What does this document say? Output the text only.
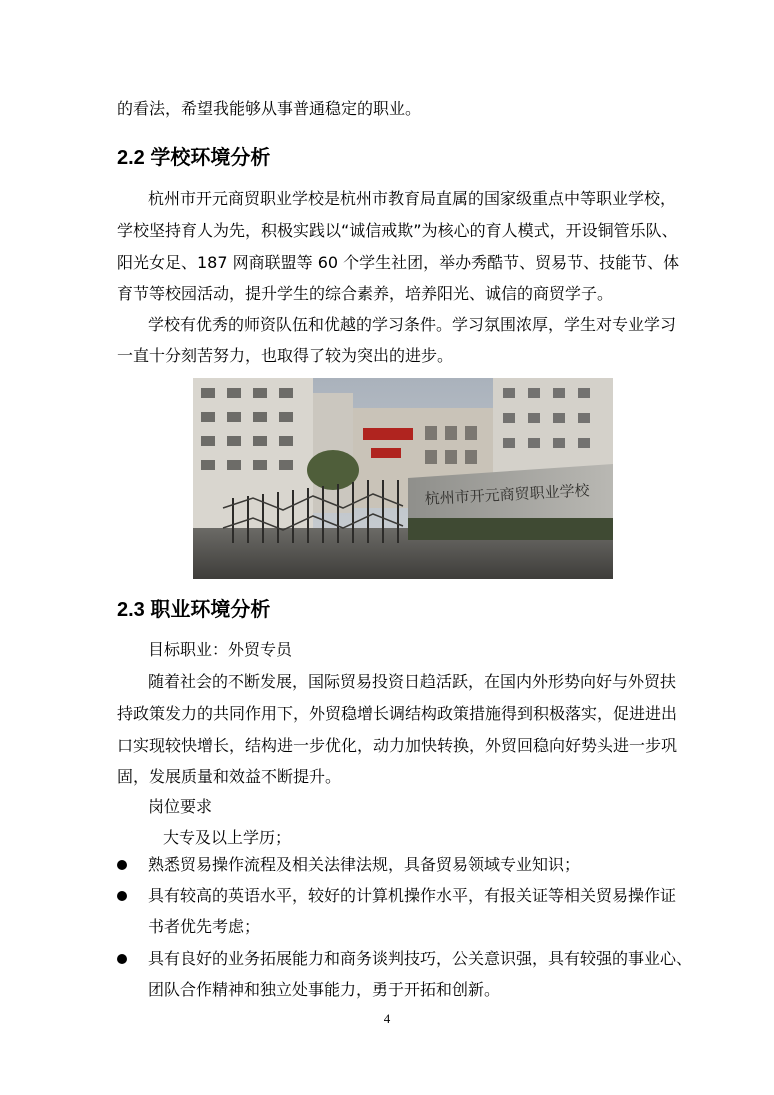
的看法，希望我能够从事普通稳定的职业。
2.2 学校环境分析
杭州市开元商贸职业学校是杭州市教育局直属的国家级重点中等职业学校，
学校坚持育人为先，积极实践以“诚信戒欺”为核心的育人模式，开设铜管乐队、
阳光女足、187 网商联盟等 60 个学生社团，举办秀酷节、贸易节、技能节、体
育节等校园活动，提升学生的综合素养，培养阳光、诚信的商贸学子。
学校有优秀的师资队伍和优越的学习条件。学习氛围浓厚，学生对专业学习
一直十分刻苦努力，也取得了较为突出的进步。
杭州市开元商贸职业学校
2.3 职业环境分析
目标职业：外贸专员
随着社会的不断发展，国际贸易投资日趋活跃，在国内外形势向好与外贸扶
持政策发力的共同作用下，外贸稳增长调结构政策措施得到积极落实，促进进出
口实现较快增长，结构进一步优化，动力加快转换，外贸回稳向好势头进一步巩
固，发展质量和效益不断提升。
岗位要求
大专及以上学历；
熟悉贸易操作流程及相关法律法规，具备贸易领域专业知识；
具有较高的英语水平，较好的计算机操作水平，有报关证等相关贸易操作证
书者优先考虑；
具有良好的业务拓展能力和商务谈判技巧，公关意识强，具有较强的事业心、
团队合作精神和独立处事能力，勇于开拓和创新。
4
